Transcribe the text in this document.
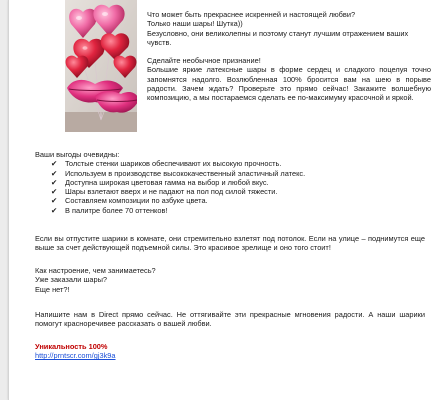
Что может быть прекраснее искренней и настоящей любви?

Только наши шары! Шутка))

Безусловно, они великолепны и поэтому станут лучшим отражением ваших чувств.

Сделайте необычное признание!

Большие яркие латексные шары в форме сердец и сладкого поцелуя точно запомнятся надолго. Возлюбленная 100% бросится вам на шею в порыве радости. Зачем ждать? Проверьте это прямо сейчас! Закажите волшебную композицию, а мы постараемся сделать ее по-максимуму красочной и яркой.

Ваши выгоды очевидны:
✔ Толстые стенки шариков обеспечивают их высокую прочность.
✔ Используем в производстве высококачественный эластичный латекс.
✔ Доступна широкая цветовая гамма на выбор и любой вкус.
✔ Шары взлетают вверх и не падают на пол под силой тяжести.
✔ Составляем композиции по азбуке цвета.
✔ В палитре более 70 оттенков!

Если вы отпустите шарики в комнате, они стремительно взлетят под потолок. Если на улице – поднимутся еще выше за счет действующей подъемной силы. Это красивое зрелище и оно того стоит!

Как настроение, чем занимаетесь?

Уже заказали шары?

Еще нет?!

Напишите нам в Direct прямо сейчас. Не оттягивайте эти прекрасные мгновения радости. А наши шарики помогут красноречивее рассказать о вашей любви.

Уникальность 100%

http://prntscr.com/gj3k9a
